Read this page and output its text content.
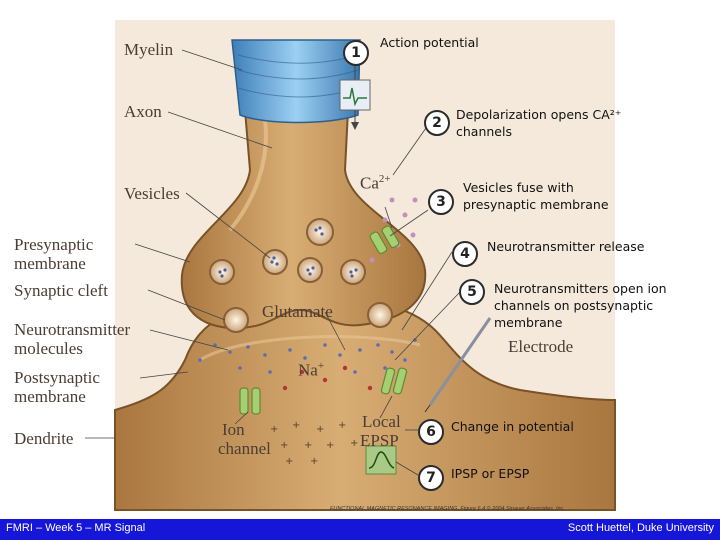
+ + + +
+ + + +
+ +
Myelin
Axon
Vesicles
Presynaptic
membrane
Synaptic cleft
Neurotransmitter
molecules
Postsynaptic
membrane
Dendrite
$Ca^{2+}$
Glutamate
Na+
Electrode
Ion
channel
Local
EPSP
1
Action potential
2
Depolarization opens CA²⁺
channels
3
Vesicles fuse with
presynaptic membrane
4	Neurotransmitter release
5	Neurotransmitters open ion
channels on postsynaptic
membrane
6	Change in potential
7	IPSP or EPSP
FUNCTIONAL MAGNETIC RESONANCE IMAGING, Figure 6.4 © 2004 Sinauer Associates, Inc.
FMRI – Week 5 – MR Signal	Scott Huettel, Duke University
